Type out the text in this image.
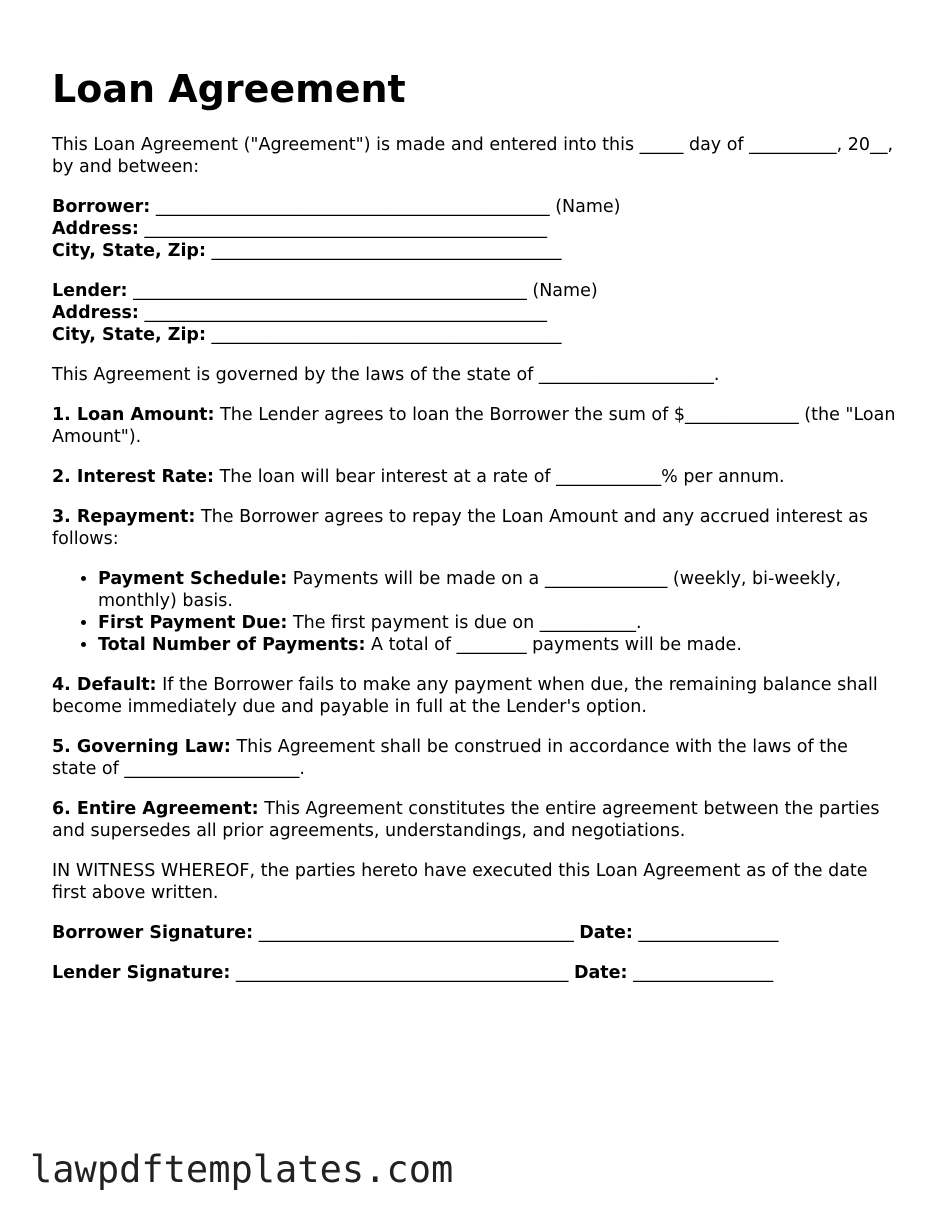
Loan Agreement

This Loan Agreement ("Agreement") is made and entered into this _____ day of __________, 20__, by and between:

Borrower: _____________________________________________ (Name)
Address: ______________________________________________
City, State, Zip: ________________________________________
Lender: _____________________________________________ (Name)
Address: ______________________________________________
City, State, Zip: ________________________________________

This Agreement is governed by the laws of the state of ____________________.

1. Loan Amount: The Lender agrees to loan the Borrower the sum of $_____________ (the "Loan Amount").

2. Interest Rate: The loan will bear interest at a rate of ____________% per annum.

3. Repayment: The Borrower agrees to repay the Loan Amount and any accrued interest as follows:

• Payment Schedule: Payments will be made on a ______________ (weekly, bi-weekly, monthly) basis.
• First Payment Due: The first payment is due on ___________.
• Total Number of Payments: A total of ________ payments will be made.

4. Default: If the Borrower fails to make any payment when due, the remaining balance shall become immediately due and payable in full at the Lender's option.

5. Governing Law: This Agreement shall be construed in accordance with the laws of the state of ____________________.

6. Entire Agreement: This Agreement constitutes the entire agreement between the parties and supersedes all prior agreements, understandings, and negotiations.

IN WITNESS WHEREOF, the parties hereto have executed this Loan Agreement as of the date first above written.

Borrower Signature: ____________________________________ Date: ________________
Lender Signature: ______________________________________ Date: ________________
lawpdftemplates.com
